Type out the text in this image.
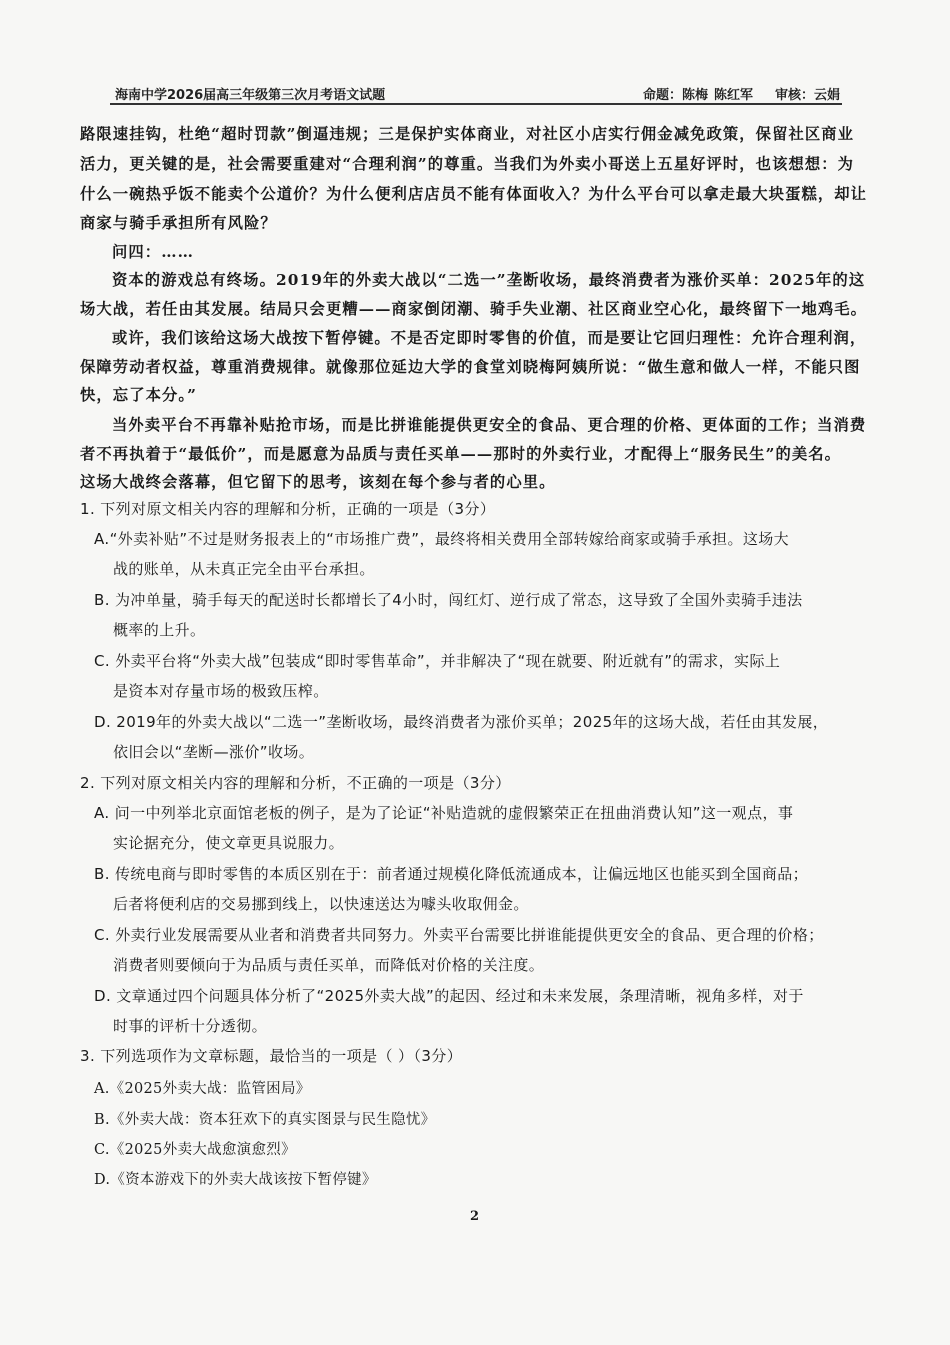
海南中学2026届高三年级第三次月考语文试题	命题：陈梅 陈红军 审核：云娟
路限速挂钩，杜绝“超时罚款”倒逼违规；三是保护实体商业，对社区小店实行佣金减免政策，保留社区商业
活力，更关键的是，社会需要重建对“合理利润”的尊重。当我们为外卖小哥送上五星好评时，也该想想：为
什么一碗热乎饭不能卖个公道价？为什么便利店店员不能有体面收入？为什么平台可以拿走最大块蛋糕，却让
商家与骑手承担所有风险？
问四：……
资本的游戏总有终场。2019年的外卖大战以“二选一”垄断收场，最终消费者为涨价买单：2025年的这
场大战，若任由其发展。结局只会更糟——商家倒闭潮、骑手失业潮、社区商业空心化，最终留下一地鸡毛。
或许，我们该给这场大战按下暂停键。不是否定即时零售的价值，而是要让它回归理性：允许合理利润，
保障劳动者权益，尊重消费规律。就像那位延边大学的食堂刘晓梅阿姨所说：“做生意和做人一样，不能只图
快，忘了本分。”
当外卖平台不再靠补贴抢市场，而是比拼谁能提供更安全的食品、更合理的价格、更体面的工作；当消费
者不再执着于“最低价”，而是愿意为品质与责任买单——那时的外卖行业，才配得上“服务民生”的美名。
这场大战终会落幕，但它留下的思考，该刻在每个参与者的心里。
1. 下列对原文相关内容的理解和分析，正确的一项是（3分）
A.“外卖补贴”不过是财务报表上的“市场推广费”，最终将相关费用全部转嫁给商家或骑手承担。这场大
战的账单，从未真正完全由平台承担。
B. 为冲单量，骑手每天的配送时长都增长了4小时，闯红灯、逆行成了常态，这导致了全国外卖骑手违法
概率的上升。
C. 外卖平台将“外卖大战”包装成“即时零售革命”，并非解决了“现在就要、附近就有”的需求，实际上
是资本对存量市场的极致压榨。
D. 2019年的外卖大战以“二选一”垄断收场，最终消费者为涨价买单；2025年的这场大战，若任由其发展，
依旧会以“垄断—涨价”收场。
2. 下列对原文相关内容的理解和分析，不正确的一项是（3分）
A. 问一中列举北京面馆老板的例子，是为了论证“补贴造就的虚假繁荣正在扭曲消费认知”这一观点，事
实论据充分，使文章更具说服力。
B. 传统电商与即时零售的本质区别在于：前者通过规模化降低流通成本，让偏远地区也能买到全国商品；
后者将便利店的交易挪到线上，以快速送达为噱头收取佣金。
C. 外卖行业发展需要从业者和消费者共同努力。外卖平台需要比拼谁能提供更安全的食品、更合理的价格；
消费者则要倾向于为品质与责任买单，而降低对价格的关注度。
D. 文章通过四个问题具体分析了“2025外卖大战”的起因、经过和未来发展，条理清晰，视角多样，对于
时事的评析十分透彻。
3. 下列选项作为文章标题，最恰当的一项是（ ）（3分）
A.《2025外卖大战：监管困局》
B.《外卖大战：资本狂欢下的真实图景与民生隐忧》
C.《2025外卖大战愈演愈烈》
D.《资本游戏下的外卖大战该按下暂停键》
2
